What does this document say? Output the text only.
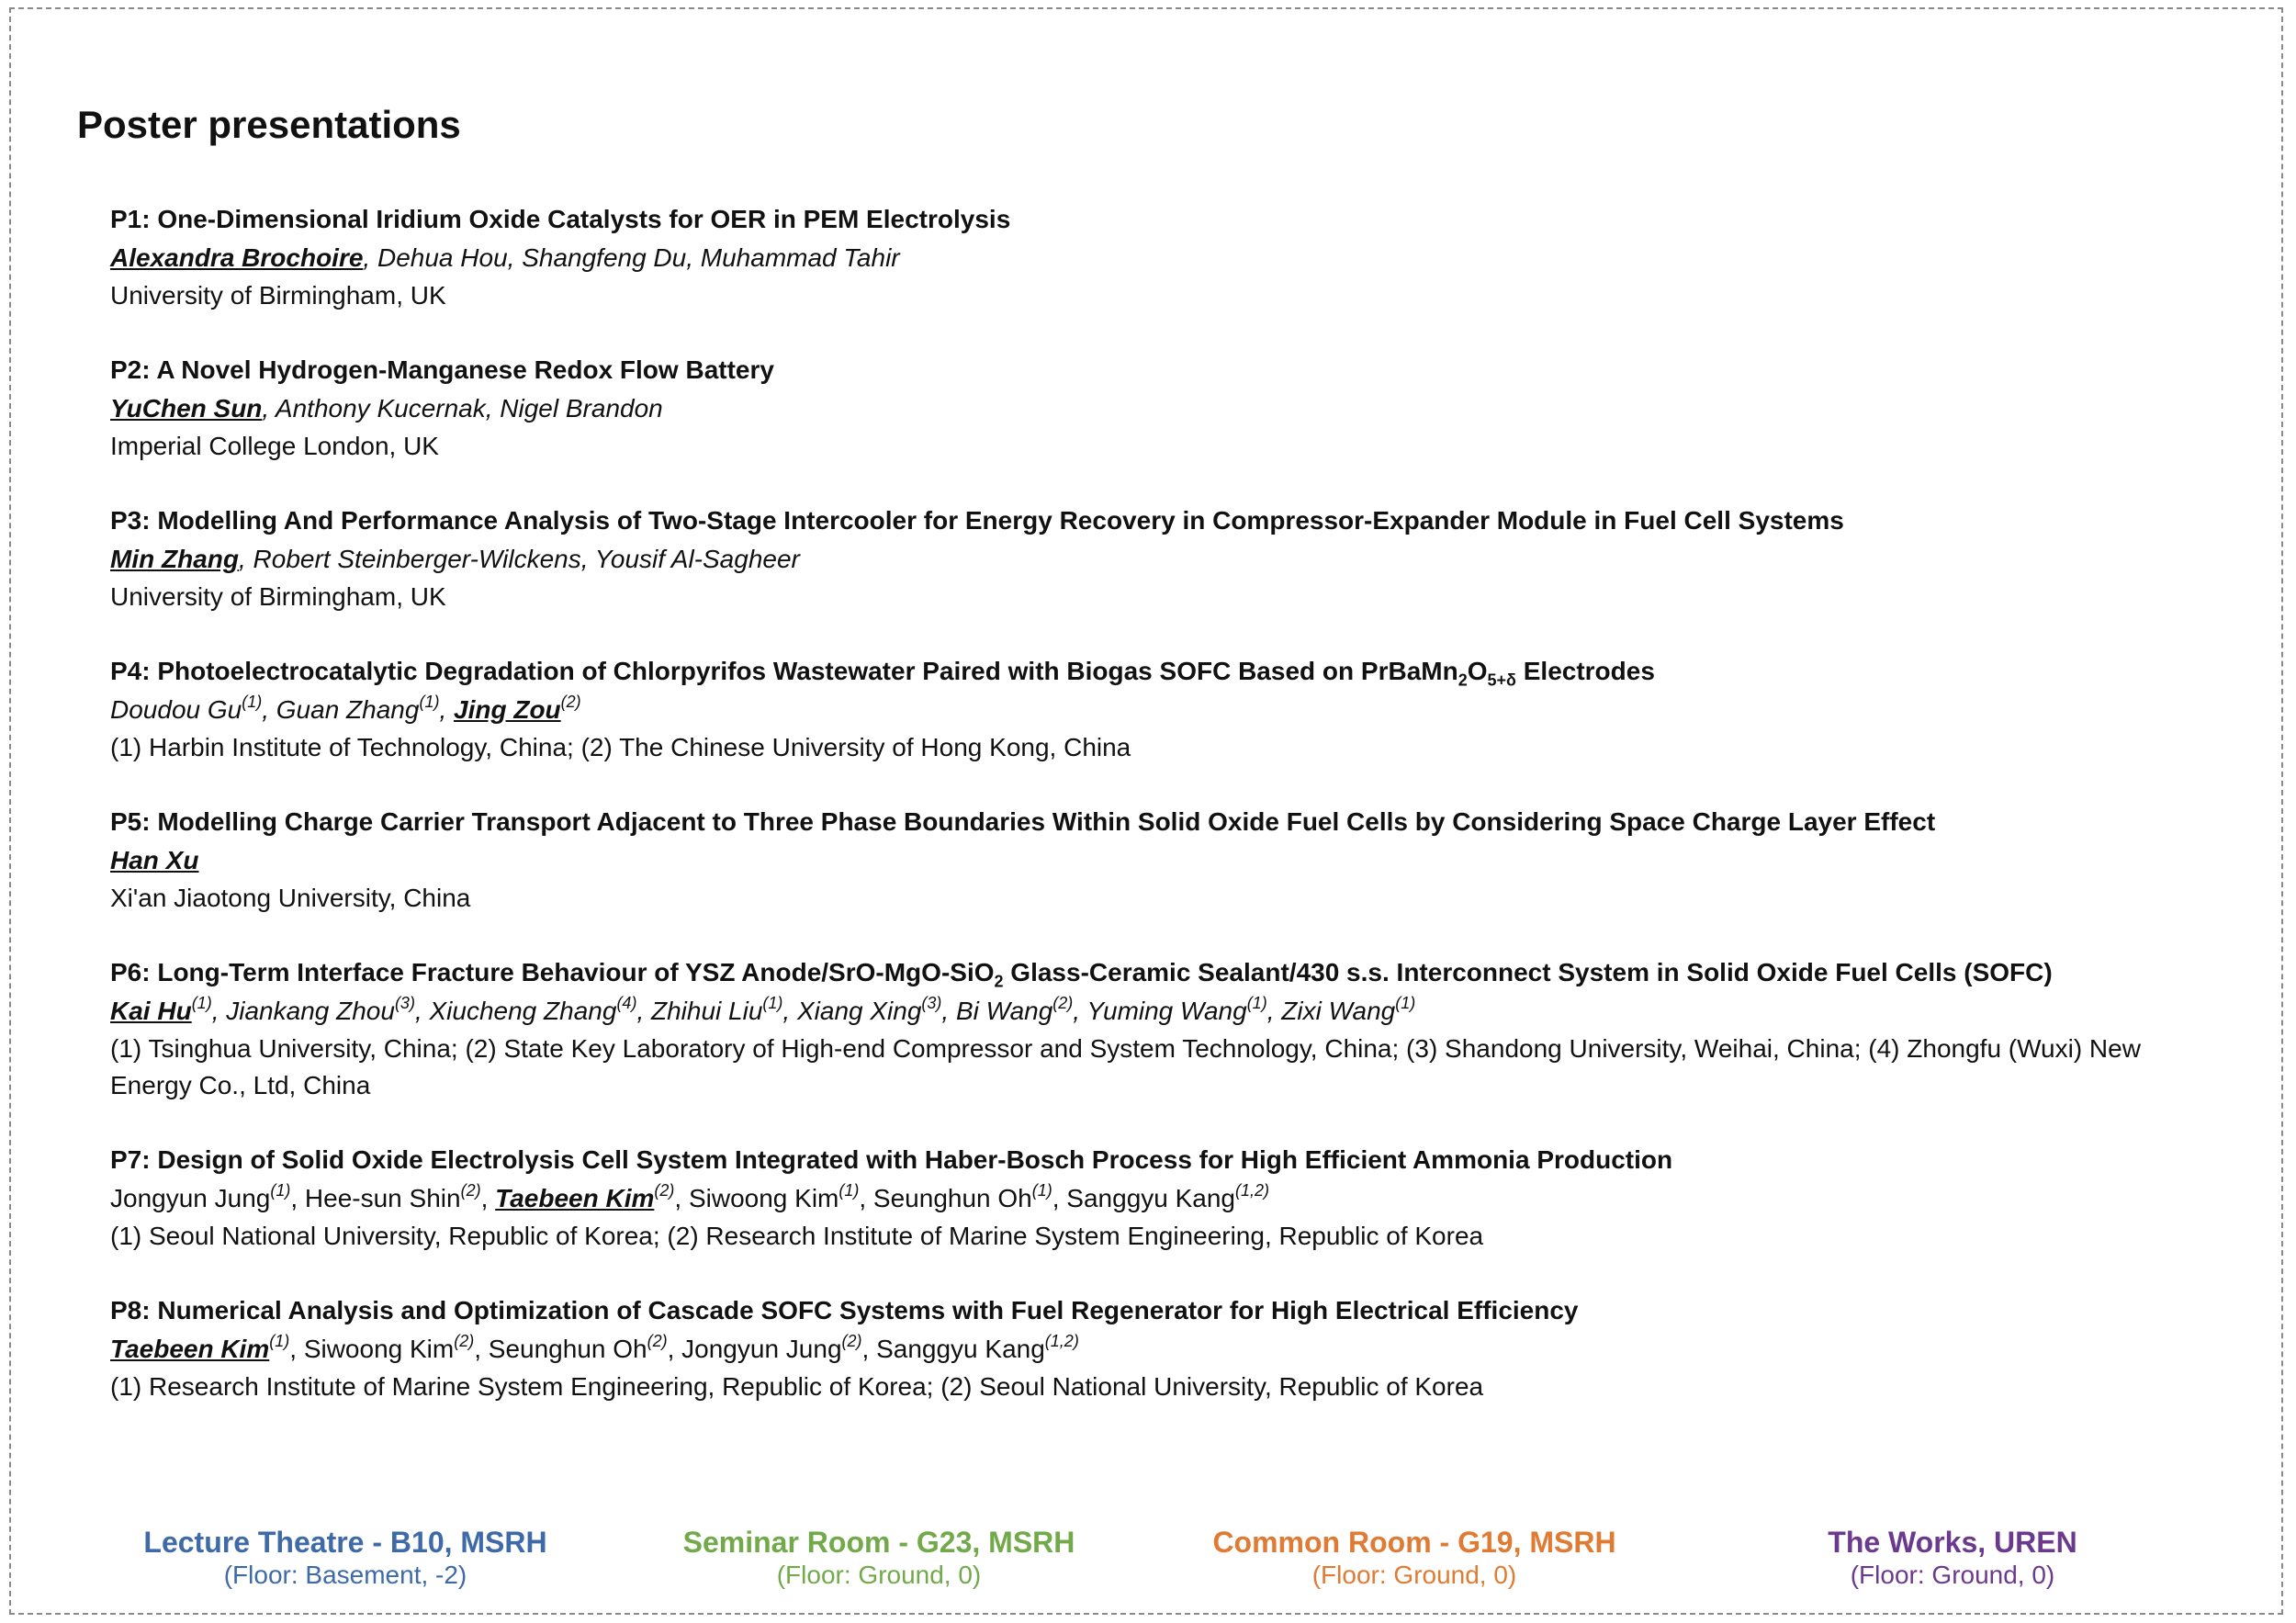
Poster presentations
P1: One-Dimensional Iridium Oxide Catalysts for OER in PEM Electrolysis
Alexandra Brochoire, Dehua Hou, Shangfeng Du, Muhammad Tahir
University of Birmingham, UK
P2: A Novel Hydrogen-Manganese Redox Flow Battery
YuChen Sun, Anthony Kucernak, Nigel Brandon
Imperial College London, UK
P3: Modelling And Performance Analysis of Two-Stage Intercooler for Energy Recovery in Compressor-Expander Module in Fuel Cell Systems
Min Zhang, Robert Steinberger-Wilckens, Yousif Al-Sagheer
University of Birmingham, UK
P4: Photoelectrocatalytic Degradation of Chlorpyrifos Wastewater Paired with Biogas SOFC Based on $PrBaMn_2O_{5+\delta}$ Electrodes
Doudou Gu$^{(1)}$, Guan Zhang$^{(1)}$, Jing Zou$^{(2)}$
(1) Harbin Institute of Technology, China; (2) The Chinese University of Hong Kong, China
P5: Modelling Charge Carrier Transport Adjacent to Three Phase Boundaries Within Solid Oxide Fuel Cells by Considering Space Charge Layer Effect
Han Xu
Xi'an Jiaotong University, China
P6: Long-Term Interface Fracture Behaviour of YSZ Anode/SrO-MgO-SiO$_2$ Glass-Ceramic Sealant/430 s.s. Interconnect System in Solid Oxide Fuel Cells (SOFC)
Kai Hu$^{(1)}$, Jiankang Zhou$^{(3)}$, Xiucheng Zhang$^{(4)}$, Zhihui Liu$^{(1)}$, Xiang Xing$^{(3)}$, Bi Wang$^{(2)}$, Yuming Wang$^{(1)}$, Zixi Wang$^{(1)}$
(1) Tsinghua University, China; (2) State Key Laboratory of High-end Compressor and System Technology, China; (3) Shandong University, Weihai, China; (4) Zhongfu (Wuxi) New Energy Co., Ltd, China
P7: Design of Solid Oxide Electrolysis Cell System Integrated with Haber-Bosch Process for High Efficient Ammonia Production
Jongyun Jung$^{(1)}$, Hee-sun Shin$^{(2)}$, Taebeen Kim$^{(2)}$, Siwoong Kim$^{(1)}$, Seunghun Oh$^{(1)}$, Sanggyu Kang$^{(1,2)}$
(1) Seoul National University, Republic of Korea; (2) Research Institute of Marine System Engineering, Republic of Korea
P8: Numerical Analysis and Optimization of Cascade SOFC Systems with Fuel Regenerator for High Electrical Efficiency
Taebeen Kim$^{(1)}$, Siwoong Kim$^{(2)}$, Seunghun Oh$^{(2)}$, Jongyun Jung$^{(2)}$, Sanggyu Kang$^{(1,2)}$
(1) Research Institute of Marine System Engineering, Republic of Korea; (2) Seoul National University, Republic of Korea
Lecture Theatre - B10, MSRH
(Floor: Basement, -2)
Seminar Room - G23, MSRH
(Floor: Ground, 0)
Common Room - G19, MSRH
(Floor: Ground, 0)
The Works, UREN
(Floor: Ground, 0)
